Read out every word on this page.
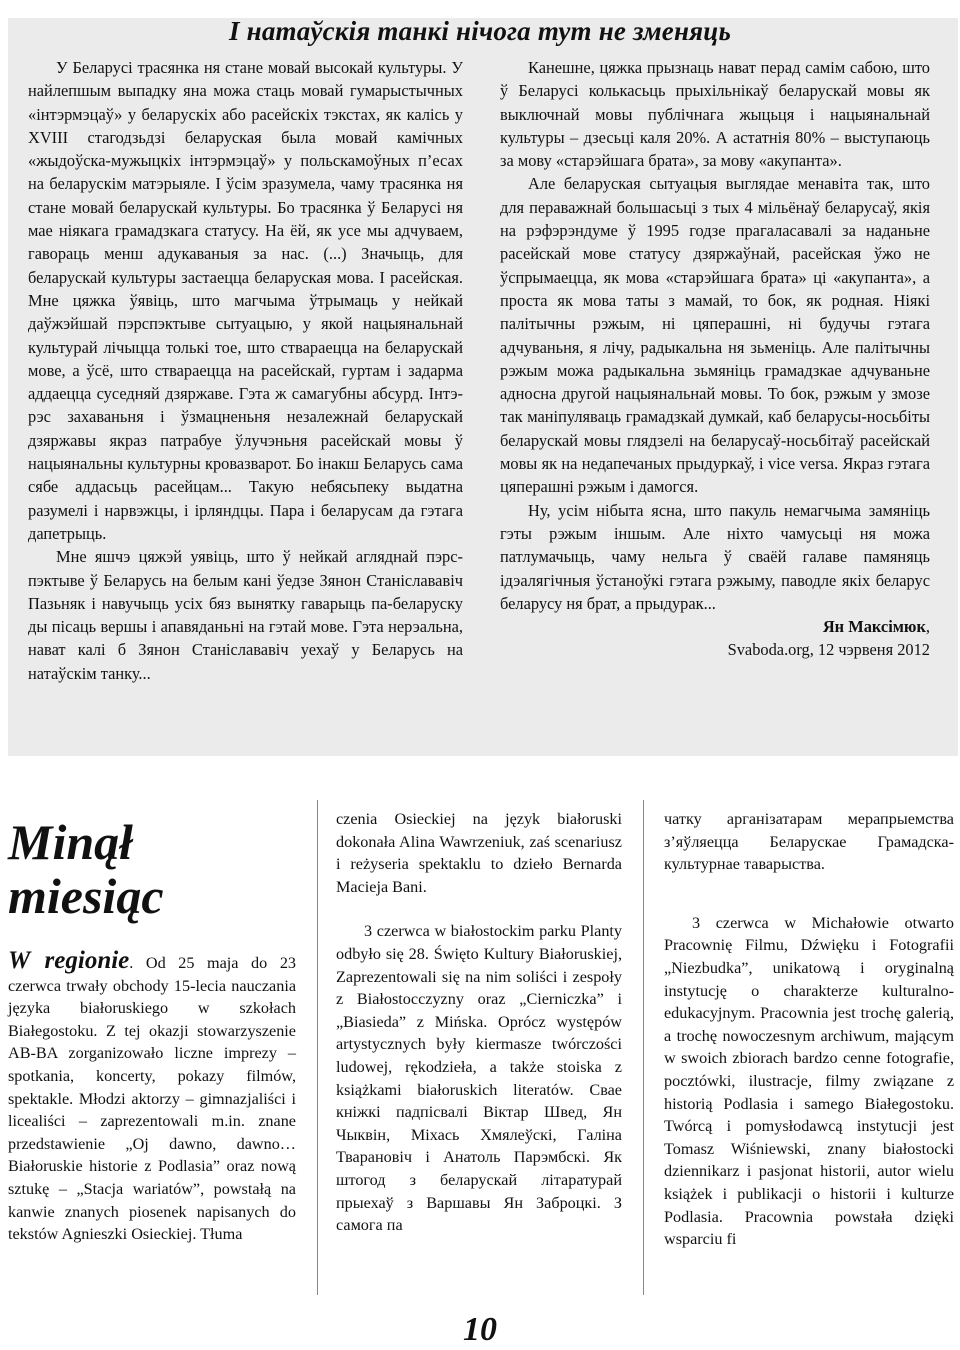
І натаўскія танкі нічога тут не зменяць

У Беларусі трасянка ня стане мовай высокай культуры. У найлепшым выпадку яна можа стаць мовай гумарыстычных «інтэрмэцаў» у беларускіх або расейскіх тэкстах, як калісь у XVIII стагодзьдзі беларуская была мовай камічных «жыдоўска-мужыцкіх інтэрмэцаў» у польскамоўных п’есах на беларускім матэрыяле. І ўсім зразумела, чаму трасянка ня стане мовай беларускай культуры. Бо трасянка ў Беларусі ня мае ніякага грамадзкага статусу. На ёй, як усе мы адчуваем, гавораць менш адукаваныя за нас. (...) Значыць, для беларускай культуры застаецца беларуская мова. І расейская. Мне цяжка ўявіць, што магчыма ўтрымаць у нейкай даўжэйшай пэрспэктыве сытуацыю, у якой нацыянальнай культурай лічыцца толькі тое, што ствараецца на беларускай мове, а ўсё, што ствараецца на расейскай, гуртам і задарма аддаецца суседняй дзяржаве. Гэта ж самагубны абсурд. Інтэрэс захаваньня і ўзмацненьня незалежнай беларускай дзяржавы якраз патрабуе ўлучэньня расейскай мовы ў нацыянальны культурны кровазварот. Бо інакш Беларусь сама сябе аддасьць расейцам... Такую небясьпеку выдатна разумелі і нарвэжцы, і ірляндцы. Пара і беларусам да гэтага дапетрыць.

Мне яшчэ цяжэй уявіць, што ў нейкай агляднай пэрспэктыве ў Беларусь на белым кані ўедзе Зянон Станіслававіч Пазьняк і навучыць усіх бяз вынятку гаварыць па-беларуску ды пісаць вершы і апавяданьні на гэтай мове. Гэта нерэальна, нават калі б Зянон Станіслававіч уехаў у Беларусь на натаўскім танку...

Канешне, цяжка прызнаць нават перад самім сабою, што ў Беларусі колькасьць прыхільнікаў беларускай мовы як выключнай мовы публічнага жыцьця і нацыянальнай культуры – дзесьці каля 20%. А астатнія 80% – выступаюць за мову «старэйшага брата», за мову «акупанта».

Але беларуская сытуацыя выглядае менавіта так, што для пераважнай большасьці з тых 4 мільёнаў беларусаў, якія на рэфэрэндуме ў 1995 годзе прагаласавалі за наданьне расейскай мове статусу дзяржаўнай, расейская ўжо не ўспрымаецца, як мова «старэйшага брата» ці «акупанта», а проста як мова таты з мамай, то бок, як родная. Ніякі палітычны рэжым, ні цяперашні, ні будучы гэтага адчуваньня, я лічу, радыкальна ня зьменіць. Але палітычны рэжым можа радыкальна зьмяніць грамадзкае адчуваньне адносна другой нацыянальнай мовы. То бок, рэжым у змозе так маніпуляваць грамадзкай думкай, каб беларусы-носьбіты беларускай мовы глядзелі на беларусаў-носьбітаў расейскай мовы як на недапечаных прыдуркаў, і vice versa. Якраз гэтага цяперашні рэжым і дамогся.

Ну, усім нібыта ясна, што пакуль немагчыма замяніць гэты рэжым іншым. Але ніхто чамусьці ня можа патлумачыць, чаму нельга ў сваёй галаве памяняць ідэалягічныя ўстаноўкі гэтага рэжыму, паводле якіх беларус беларусу ня брат, а прыдурак...

Ян Максімюк,

Svaboda.org, 12 чэрвеня 2012

Minął
miesiąc

W regionie. Od 25 maja do 23 czerwca trwały obchody 15-lecia nauczania języka białoruskiego w szkołach Białegostoku. Z tej okazji stowarzyszenie AB-BA zorganizowało liczne imprezy – spotkania, koncerty, pokazy filmów, spektakle. Młodzi aktorzy – gimnazjaliści i licealiści – zaprezentowali m.in. znane przedstawienie „Oj dawno, dawno… Białoruskie historie z Podlasia” oraz nową sztukę – „Stacja wariatów”, powstałą na kanwie znanych piosenek napisanych do tekstów Agnieszki Osieckiej. Tłuma

czenia Osieckiej na język białoruski dokonała Alina Wawrzeniuk, zaś scenariusz i reżyseria spektaklu to dzieło Bernarda Macieja Bani.

3 czerwca w białostockim parku Planty odbyło się 28. Święto Kultury Białoruskiej, Zaprezentowali się na nim soliści i zespoły z Białostocczyzny oraz „Cierniczka” i „Biasieda” z Mińska. Oprócz występów artystycznych były kiermasze twórczości ludowej, rękodzieła, a także stoiska z książkami białoruskich literatów. Свае кніжкі падпісвалі Віктар Швед, Ян Чыквін, Міхась Хмялеўскі, Галіна Тварановіч і Анатоль Парэмбскі. Як штогод з беларускай літаратурай прыехаў з Варшавы Ян Заброцкі. З самога па

чатку арганізатарам мерапрыемства з’яўляецца Беларускае Грамадскакультурнае таварыства.

3 czerwca w Michałowie otwarto Pracownię Filmu, Dźwięku i Fotografii „Niezbudka”, unikatową i oryginalną instytucję o charakterze kulturalno-edukacyjnym. Pracownia jest trochę galerią, a trochę nowoczesnym archiwum, mającym w swoich zbiorach bardzo cenne fotografie, pocztówki, ilustracje, filmy związane z historią Podlasia i samego Białegostoku. Twórcą i pomysłodawcą instytucji jest Tomasz Wiśniewski, znany białostocki dziennikarz i pasjonat historii, autor wielu książek i publikacji o historii i kulturze Podlasia. Pracownia powstała dzięki wsparciu fi

10
